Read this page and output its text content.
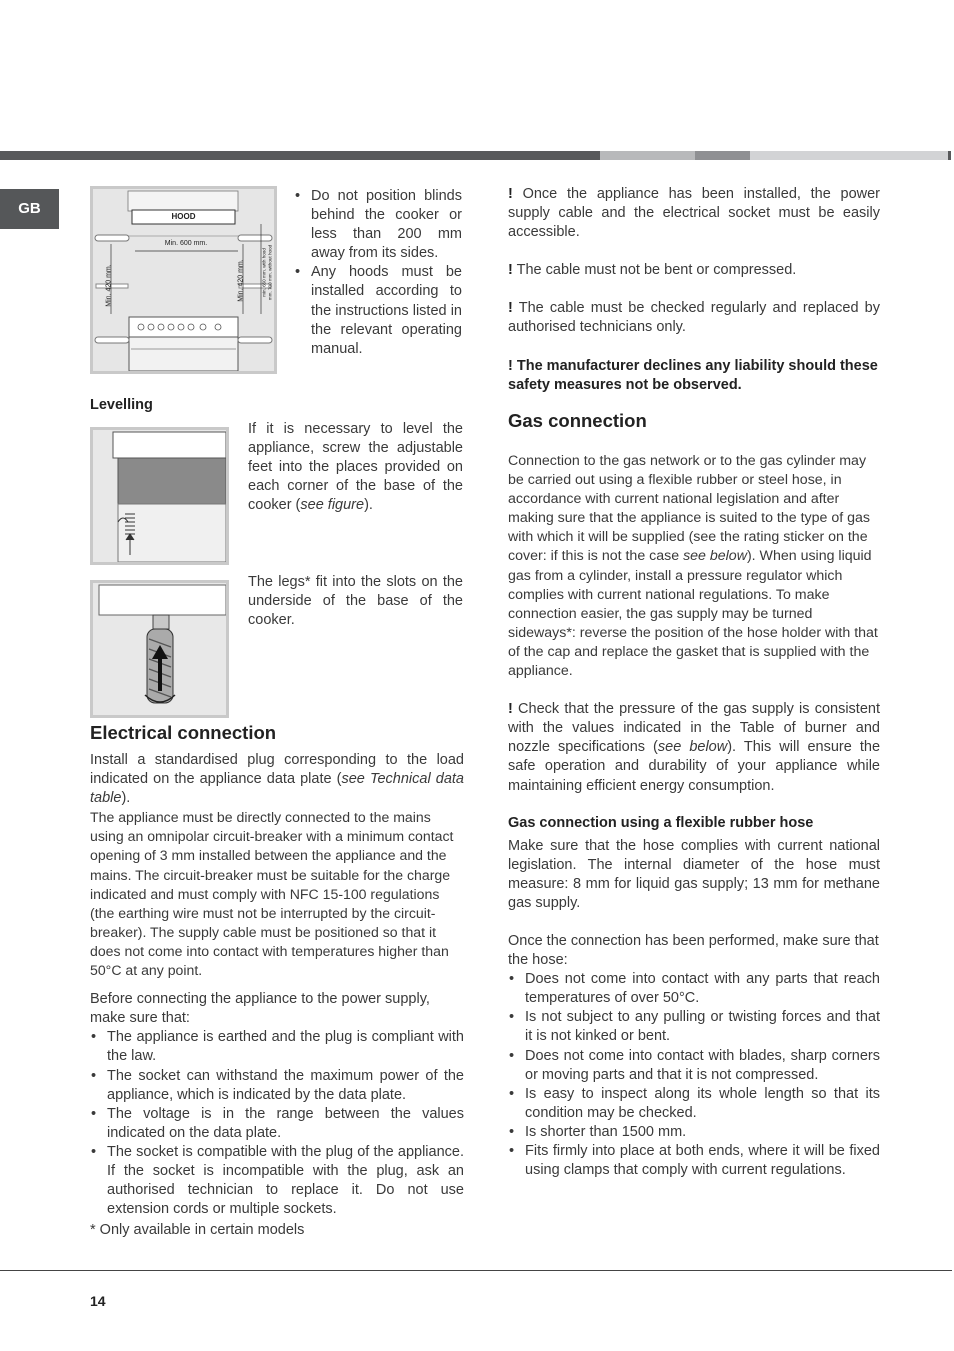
GB	HOOD
Min. 600 mm.
Min. 420 mm.	Min. 420 mm.	min. 650 mm. with hood mm. 700 mm. without hood
• Do not position blinds behind the cooker or less than 200 mm away from its sides.
• Any hoods must be installed according to the instructions listed in the relevant operating manual.
Levelling
If it is necessary to level the appliance, screw the adjustable feet into the places provided on each corner of the base of the cooker (see figure).
The legs* fit into the slots on the underside of the base of the cooker.
Electrical connection

Install a standardised plug corresponding to the load indicated on the appliance data plate (see Technical data table).

The appliance must be directly connected to the mains using an omnipolar circuit-breaker with a minimum contact opening of 3 mm installed between the appliance and the mains. The circuit-breaker must be suitable for the charge indicated and must comply with NFC 15-100 regulations (the earthing wire must not be interrupted by the circuit-breaker). The supply cable must be positioned so that it does not come into contact with temperatures higher than 50°C at any point.

Before connecting the appliance to the power supply, make sure that:

• The appliance is earthed and the plug is compliant with the law.
• The socket can withstand the maximum power of the appliance, which is indicated by the data plate.
• The voltage is in the range between the values indicated on the data plate.
• The socket is compatible with the plug of the appliance. If the socket is incompatible with the plug, ask an authorised technician to replace it. Do not use extension cords or multiple sockets.

* Only available in certain models

! Once the appliance has been installed, the power supply cable and the electrical socket must be easily accessible.

! The cable must not be bent or compressed.

! The cable must be checked regularly and replaced by authorised technicians only.

! The manufacturer declines any liability should these safety measures not be observed.

Gas connection

Connection to the gas network or to the gas cylinder may be carried out using a flexible rubber or steel hose, in accordance with current national legislation and after making sure that the appliance is suited to the type of gas with which it will be supplied (see the rating sticker on the cover: if this is not the case see below). When using liquid gas from a cylinder, install a pressure regulator which complies with current national regulations. To make connection easier, the gas supply may be turned sideways*: reverse the position of the hose holder with that of the cap and replace the gasket that is supplied with the appliance.

! Check that the pressure of the gas supply is consistent with the values indicated in the Table of burner and nozzle specifications (see below). This will ensure the safe operation and durability of your appliance while maintaining efficient energy consumption.

Gas connection using a flexible rubber hose

Make sure that the hose complies with current national legislation. The internal diameter of the hose must measure: 8 mm for liquid gas supply; 13 mm for methane gas supply.

Once the connection has been performed, make sure that the hose:

• Does not come into contact with any parts that reach temperatures of over 50°C.
• Is not subject to any pulling or twisting forces and that it is not kinked or bent.
• Does not come into contact with blades, sharp corners or moving parts and that it is not compressed.
• Is easy to inspect along its whole length so that its condition may be checked.
• Is shorter than 1500 mm.
• Fits firmly into place at both ends, where it will be fixed using clamps that comply with current regulations.
14
